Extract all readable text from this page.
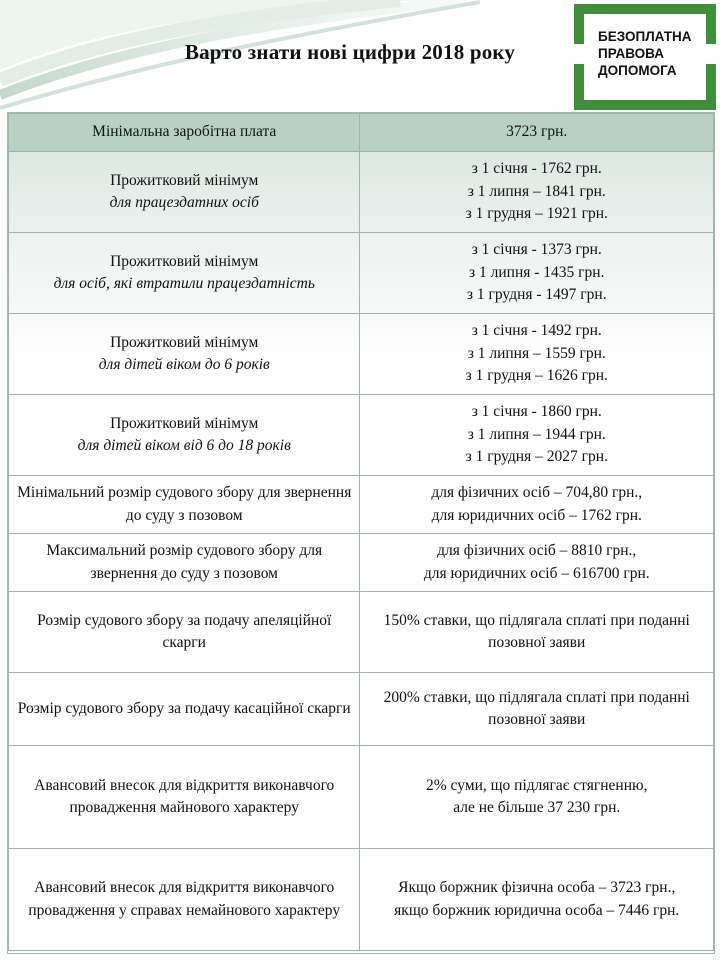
Варто знати нові цифри 2018 року
БЕЗОПЛАТНА
ПРАВОВА
ДОПОМОГА
Мінімальна заробітна плата	3723 грн.

Прожитковий мінімум
для працездатних осіб	з 1 січня - 1762 грн.
з 1 липня – 1841 грн.
з 1 грудня – 1921 грн.

Прожитковий мінімум
для осіб, які втратили працездатність	з 1 січня - 1373 грн.
з 1 липня - 1435 грн.
з 1 грудня - 1497 грн.

Прожитковий мінімум
для дітей віком до 6 років	з 1 січня - 1492 грн.
з 1 липня – 1559 грн.
з 1 грудня – 1626 грн.

Прожитковий мінімум
для дітей віком від 6 до 18 років	з 1 січня - 1860 грн.
з 1 липня – 1944 грн.
з 1 грудня – 2027 грн.

Мінімальний розмір судового збору для звернення до суду з позовом	для фізичних осіб – 704,80 грн.,
для юридичних осіб – 1762 грн.

Максимальний розмір судового збору для звернення до суду з позовом	для фізичних осіб – 8810 грн.,
для юридичних осіб – 616700 грн.

Розмір судового збору за подачу апеляційної скарги	150% ставки, що підлягала сплаті при поданні позовної заяви

Розмір судового збору за подачу касаційної скарги	200% ставки, що підлягала сплаті при поданні позовної заяви

Авансовий внесок для відкриття виконавчого провадження майнового характеру	2% суми, що підлягає стягненню,
але не більше 37 230 грн.

Авансовий внесок для відкриття виконавчого провадження у справах немайнового характеру	Якщо боржник фізична особа – 3723 грн.,
якщо боржник юридична особа – 7446 грн.
